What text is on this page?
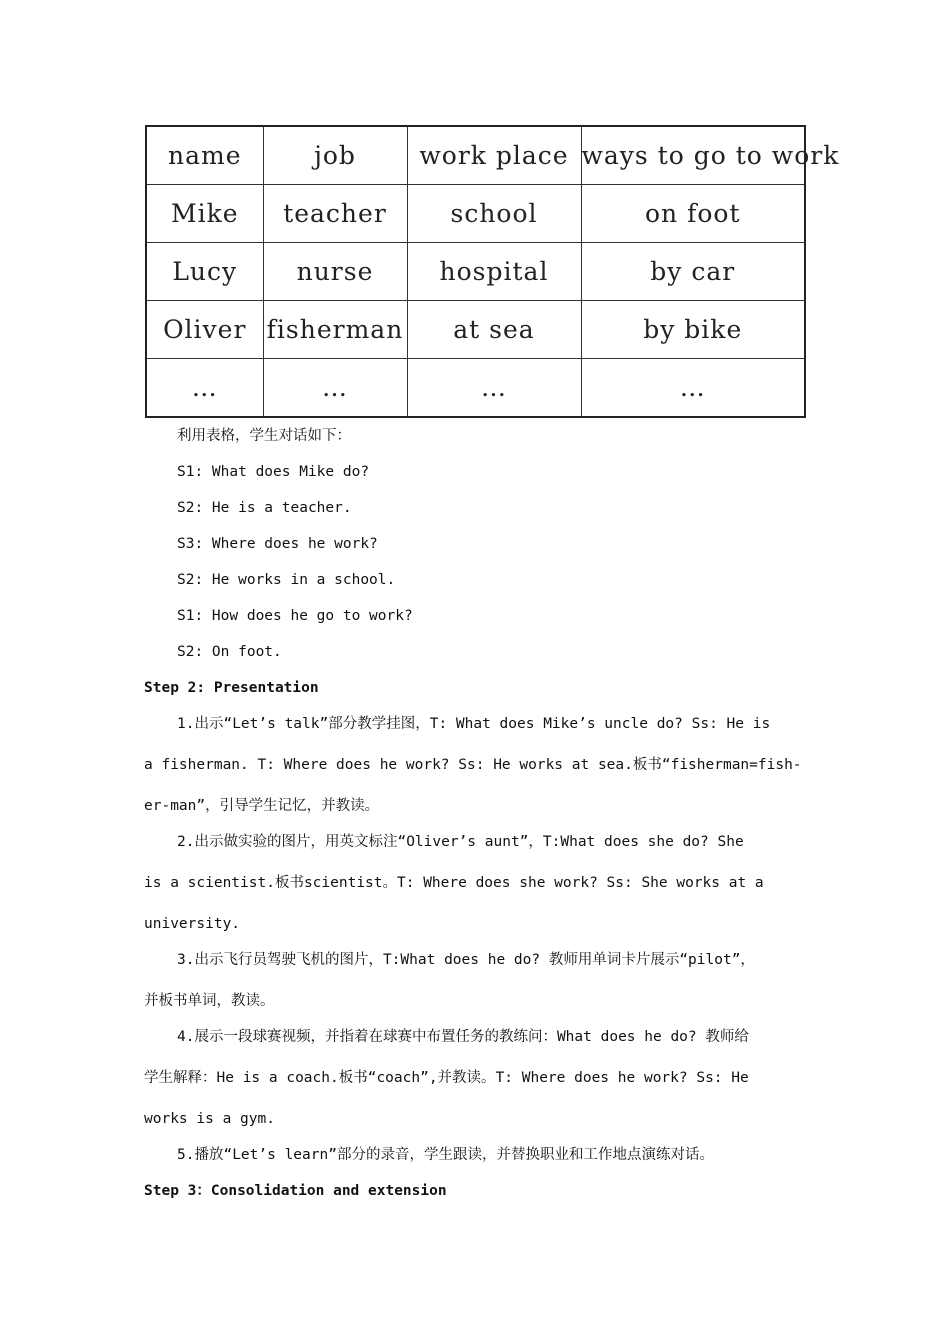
name	job	work place	ways to go to work
Mike	teacher	school	on foot
Lucy	nurse	hospital	by car
Oliver	fisherman	at sea	by bike
…	…	…	…
利用表格，学生对话如下：
S1: What does Mike do?
S2: He is a teacher.
S3: Where does he work?
S2: He works in a school.
S1: How does he go to work?
S2: On foot.
Step 2: Presentation
1.出示“Let’s talk”部分教学挂图，T: What does Mike’s uncle do? Ss: He is
a fisherman. T: Where does he work? Ss: He works at sea.板书“fisherman=fish-
er-man”，引导学生记忆，并教读。
2.出示做实验的图片，用英文标注“Oliver’s aunt”，T:What does she do? She
is a scientist.板书scientist。T: Where does she work? Ss: She works at a
university.
3.出示飞行员驾驶飞机的图片，T:What does he do? 教师用单词卡片展示“pilot”，
并板书单词，教读。
4.展示一段球赛视频，并指着在球赛中布置任务的教练问：What does he do? 教师给
学生解释：He is a coach.板书“coach”,并教读。T: Where does he work? Ss: He
works is a gym.
5.播放“Let’s learn”部分的录音，学生跟读，并替换职业和工作地点演练对话。
Step 3：Consolidation and extension
